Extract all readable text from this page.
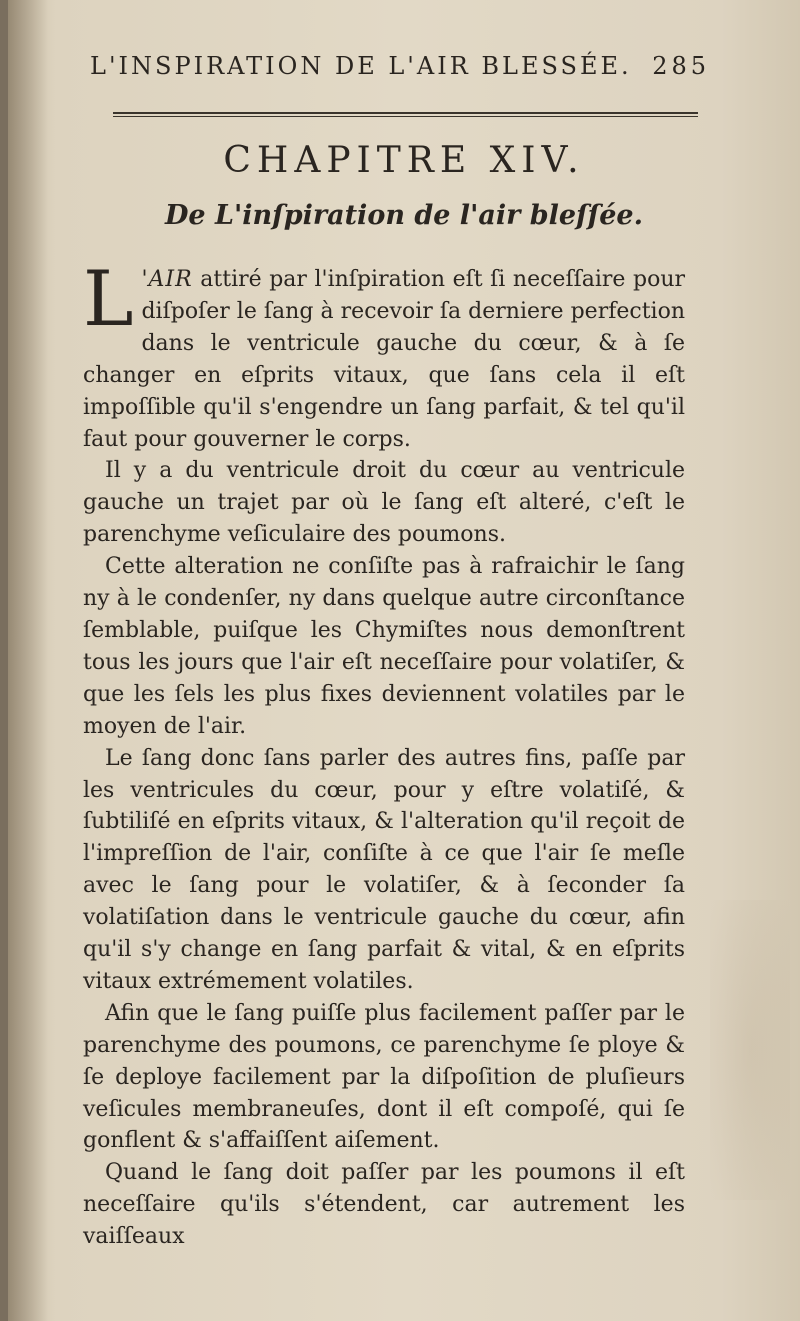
L'INSPIRATION DE L'AIR BLESSÉE. 285
CHAPITRE XIV.
De L'inſpiration de l'air bleſſée.

L 'AIR attiré par l'inſpiration eſt ſi neceſſaire pour diſpoſer le ſang à recevoir ſa derniere perfection dans le ventricule gauche du cœur, & à ſe changer en eſprits vitaux, que ſans cela il eſt impoſſible qu'il s'engendre un ſang parfait, & tel qu'il faut pour gouverner le corps.

Il y a du ventricule droit du cœur au ventricule gauche un trajet par où le ſang eſt alteré, c'eſt le parenchyme veſiculaire des poumons.

Cette alteration ne conſiſte pas à rafraichir le ſang ny à le condenſer, ny dans quelque autre circonſtance ſemblable, puiſque les Chymiſtes nous demonſtrent tous les jours que l'air eſt neceſſaire pour volatiſer, & que les ſels les plus fixes deviennent volatiles par le moyen de l'air.

Le ſang donc ſans parler des autres fins, paſſe par les ventricules du cœur, pour y eſtre volatiſé, & ſubtiliſé en eſprits vitaux, & l'alteration qu'il reçoit de l'impreſſion de l'air, conſiſte à ce que l'air ſe meſle avec le ſang pour le volatiſer, & à ſeconder ſa volatiſation dans le ventricule gauche du cœur, afin qu'il s'y change en ſang parfait & vital, & en eſprits vitaux extrémement volatiles.

Afin que le ſang puiſſe plus facilement paſſer par le parenchyme des poumons, ce parenchyme ſe ploye & ſe deploye facilement par la diſpoſition de pluſieurs veſicules membraneuſes, dont il eſt compoſé, qui ſe gonflent & s'affaiſſent aiſement.

Quand le ſang doit paſſer par les poumons il eſt neceſſaire qu'ils s'étendent, car autrement les vaiſſeaux
